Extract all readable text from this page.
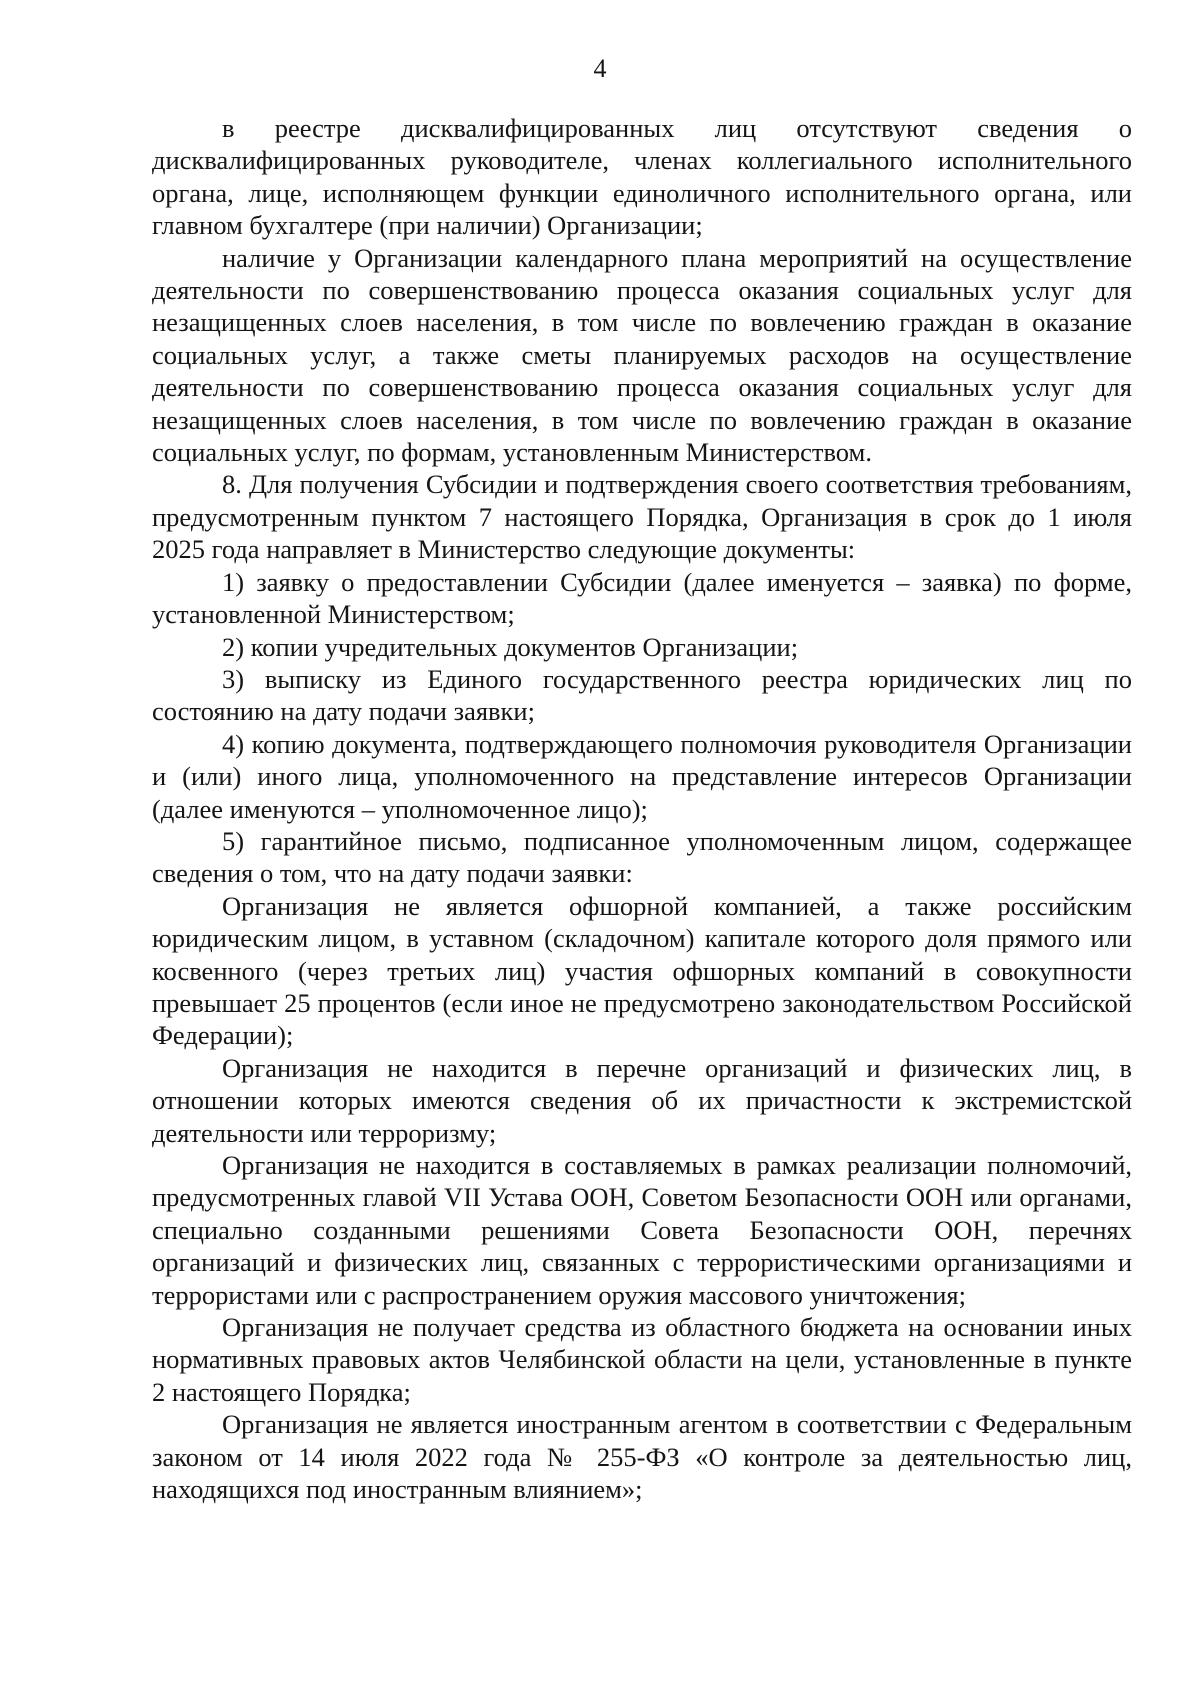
4

в реестре дисквалифицированных лиц отсутствуют сведения о дисквалифицированных руководителе, членах коллегиального исполнительного органа, лице, исполняющем функции единоличного исполнительного органа, или главном бухгалтере (при наличии) Организации;

наличие у Организации календарного плана мероприятий на осуществление деятельности по совершенствованию процесса оказания социальных услуг для незащищенных слоев населения, в том числе по вовлечению граждан в оказание социальных услуг, а также сметы планируемых расходов на осуществление деятельности по совершенствованию процесса оказания социальных услуг для незащищенных слоев населения, в том числе по вовлечению граждан в оказание социальных услуг, по формам, установленным Министерством.

8. Для получения Субсидии и подтверждения своего соответствия требованиям, предусмотренным пунктом 7 настоящего Порядка, Организация в срок до 1 июля 2025 года направляет в Министерство следующие документы:

1) заявку о предоставлении Субсидии (далее именуется – заявка) по форме, установленной Министерством;

2) копии учредительных документов Организации;

3) выписку из Единого государственного реестра юридических лиц по состоянию на дату подачи заявки;

4) копию документа, подтверждающего полномочия руководителя Организации и (или) иного лица, уполномоченного на представление интересов Организации (далее именуются – уполномоченное лицо);

5) гарантийное письмо, подписанное уполномоченным лицом, содержащее сведения о том, что на дату подачи заявки:

Организация не является офшорной компанией, а также российским юридическим лицом, в уставном (складочном) капитале которого доля прямого или косвенного (через третьих лиц) участия офшорных компаний в совокупности превышает 25 процентов (если иное не предусмотрено законодательством Российской Федерации);

Организация не находится в перечне организаций и физических лиц, в отношении которых имеются сведения об их причастности к экстремистской деятельности или терроризму;

Организация не находится в составляемых в рамках реализации полномочий, предусмотренных главой VII Устава ООН, Советом Безопасности ООН или органами, специально созданными решениями Совета Безопасности ООН, перечнях организаций и физических лиц, связанных с террористическими организациями и террористами или с распространением оружия массового уничтожения;

Организация не получает средства из областного бюджета на основании иных нормативных правовых актов Челябинской области на цели, установленные в пункте 2 настоящего Порядка;

Организация не является иностранным агентом в соответствии с Федеральным законом от 14 июля 2022 года № 255-ФЗ «О контроле за деятельностью лиц, находящихся под иностранным влиянием»;
